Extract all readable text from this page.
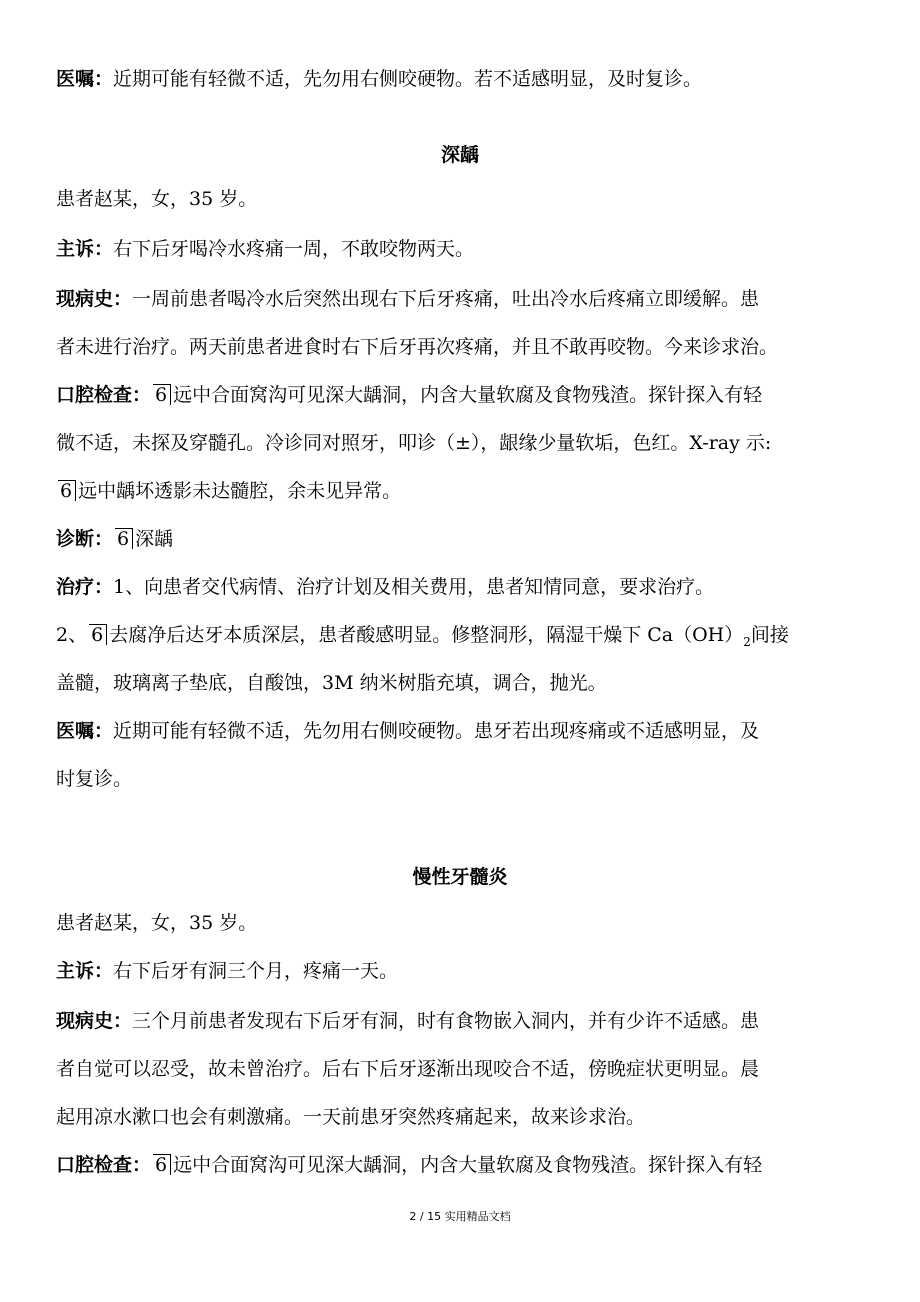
医嘱：近期可能有轻微不适，先勿用右侧咬硬物。若不适感明显，及时复诊。
深龋
患者赵某，女，35 岁。
主诉：右下后牙喝冷水疼痛一周，不敢咬物两天。
现病史：一周前患者喝冷水后突然出现右下后牙疼痛，吐出冷水后疼痛立即缓解。患
者未进行治疗。两天前患者进食时右下后牙再次疼痛，并且不敢再咬物。今来诊求治。
口腔检查： 6 远中合面窝沟可见深大龋洞，内含大量软腐及食物残渣。探针探入有轻
微不适，未探及穿髓孔。冷诊同对照牙，叩诊（±），龈缘少量软垢，色红。X-ray 示:
6 远中龋坏透影未达髓腔，余未见异常。
诊断： 6 深龋
治疗：1、向患者交代病情、治疗计划及相关费用，患者知情同意，要求治疗。
2、 6 去腐净后达牙本质深层，患者酸感明显。修整洞形，隔湿干燥下 $Ca(OH)_2$间接
盖髓，玻璃离子垫底，自酸蚀，3M 纳米树脂充填，调合，抛光。
医嘱：近期可能有轻微不适，先勿用右侧咬硬物。患牙若出现疼痛或不适感明显，及
时复诊。
慢性牙髓炎
患者赵某，女，35 岁。
主诉：右下后牙有洞三个月，疼痛一天。
现病史：三个月前患者发现右下后牙有洞，时有食物嵌入洞内，并有少许不适感。患
者自觉可以忍受，故未曾治疗。后右下后牙逐渐出现咬合不适，傍晚症状更明显。晨
起用凉水漱口也会有刺激痛。一天前患牙突然疼痛起来，故来诊求治。
口腔检查： 6 远中合面窝沟可见深大龋洞，内含大量软腐及食物残渣。探针探入有轻
2 / 15 实用精品文档
